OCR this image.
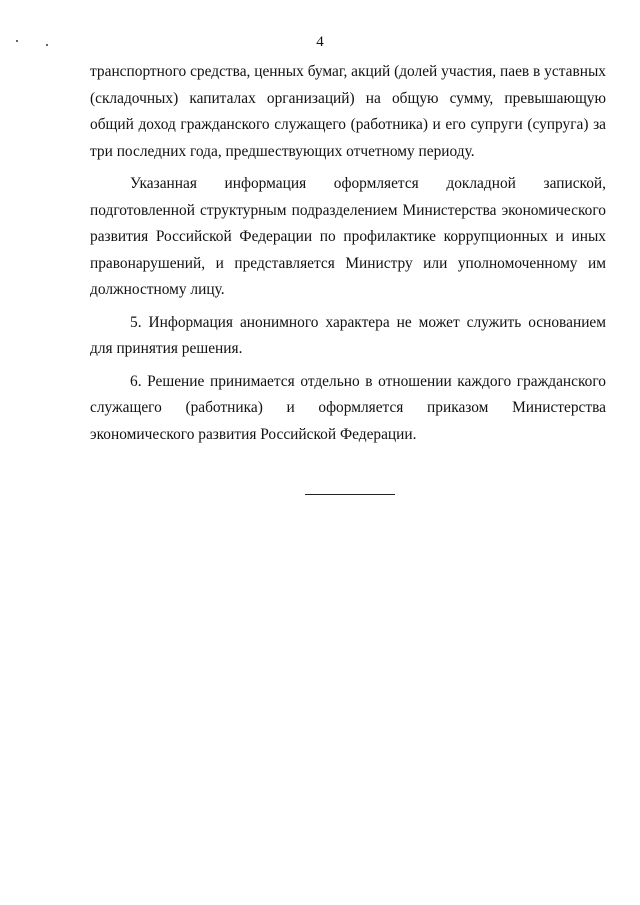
4

транспортного средства, ценных бумаг, акций (долей участия, паев в уставных (складочных) капиталах организаций) на общую сумму, превышающую общий доход гражданского служащего (работника) и его супруги (супруга) за три последних года, предшествующих отчетному периоду.

Указанная информация оформляется докладной запиской, подготовленной структурным подразделением Министерства экономического развития Российской Федерации по профилактике коррупционных и иных правонарушений, и представляется Министру или уполномоченному им должностному лицу.

5. Информация анонимного характера не может служить основанием для принятия решения.

6. Решение принимается отдельно в отношении каждого гражданского служащего (работника) и оформляется приказом Министерства экономического развития Российской Федерации.
